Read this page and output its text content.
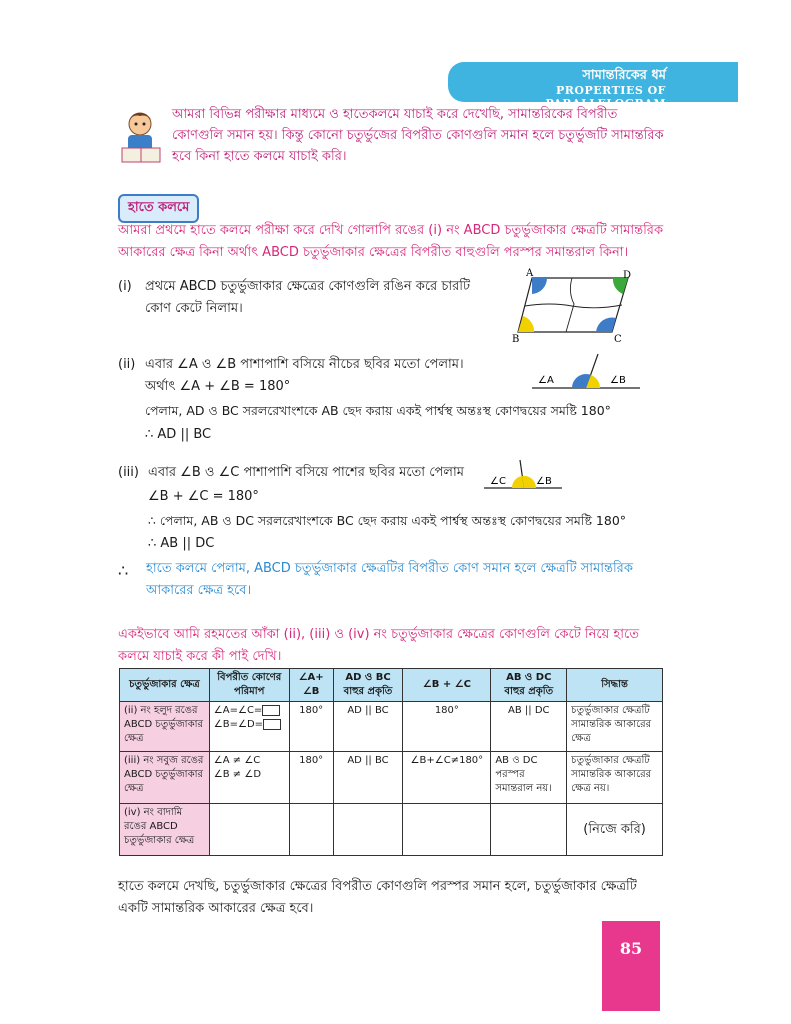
সামান্তরিকের ধর্ম
PROPERTIES OF PARALLELOGRAM
আমরা বিভিন্ন পরীক্ষার মাধ্যমে ও হাতেকলমে যাচাই করে দেখেছি, সামান্তরিকের বিপরীত কোণগুলি সমান হয়। কিন্তু কোনো চতুর্ভুজের বিপরীত কোণগুলি সমান হলে চতুর্ভুজটি সামান্তরিক হবে কিনা হাতে কলমে যাচাই করি।
হাতে কলমে
আমরা প্রথমে হাতে কলমে পরীক্ষা করে দেখি গোলাপি রঙের (i) নং ABCD চতুর্ভুজাকার ক্ষেত্রটি সামান্তরিক আকারের ক্ষেত্র কিনা অর্থাৎ ABCD চতুর্ভুজাকার ক্ষেত্রের বিপরীত বাহুগুলি পরস্পর সমান্তরাল কিনা।
(i) প্রথমে ABCD চতুর্ভুজাকার ক্ষেত্রের কোণগুলি রঙিন করে চারটি
কোণ কেটে নিলাম।
A	D
B	C
(ii) এবার ∠A ও ∠B পাশাপাশি বসিয়ে নীচের ছবির মতো পেলাম।
অর্থাৎ ∠A + ∠B = 180°
পেলাম, AD ও BC সরলরেখাংশকে AB ছেদ করায় একই পার্শ্বস্থ অন্তঃস্থ কোণদ্বয়ের সমষ্টি 180°
∴ AD || BC
∠A	∠B
(iii) এবার ∠B ও ∠C পাশাপাশি বসিয়ে পাশের ছবির মতো পেলাম
∠B + ∠C = 180°
∴ পেলাম, AB ও DC সরলরেখাংশকে BC ছেদ করায় একই পার্শ্বস্থ অন্তঃস্থ কোণদ্বয়ের সমষ্টি 180°
∴ AB || DC
∠C	∠B
∴ হাতে কলমে পেলাম, ABCD চতুর্ভুজাকার ক্ষেত্রটির বিপরীত কোণ সমান হলে ক্ষেত্রটি সামান্তরিক আকারের ক্ষেত্র হবে।
একইভাবে আমি রহমতের আঁকা (ii), (iii) ও (iv) নং চতুর্ভুজাকার ক্ষেত্রের কোণগুলি কেটে নিয়ে হাতে কলমে যাচাই করে কী পাই দেখি।
চতুর্ভুজাকার ক্ষেত্র	বিপরীত কোণের পরিমাপ	∠A+ ∠B	AD ও BC বাহুর প্রকৃতি	∠B + ∠C	AB ও DC বাহুর প্রকৃতি	সিদ্ধান্ত
(ii) নং হলুদ রঙের ABCD চতুর্ভুজাকার ক্ষেত্র	∠A=∠C=
∠B=∠D=	180°	AD || BC	180°	AB || DC	চতুর্ভুজাকার ক্ষেত্রটি সামান্তরিক আকারের ক্ষেত্র
(iii) নং সবুজ রঙের ABCD চতুর্ভুজাকার ক্ষেত্র	∠A ≠ ∠C
∠B ≠ ∠D	180°	AD || BC	∠B+∠C≠180°	AB ও DC পরস্পর সমান্তরাল নয়।	চতুর্ভুজাকার ক্ষেত্রটি সামান্তরিক আকারের ক্ষেত্র নয়।
(iv) নং বাদামি রঙের ABCD চতুর্ভুজাকার ক্ষেত্র						(নিজে করি)
হাতে কলমে দেখছি, চতুর্ভুজাকার ক্ষেত্রের বিপরীত কোণগুলি পরস্পর সমান হলে, চতুর্ভুজাকার ক্ষেত্রটি একটি সামান্তরিক আকারের ক্ষেত্র হবে।
85
